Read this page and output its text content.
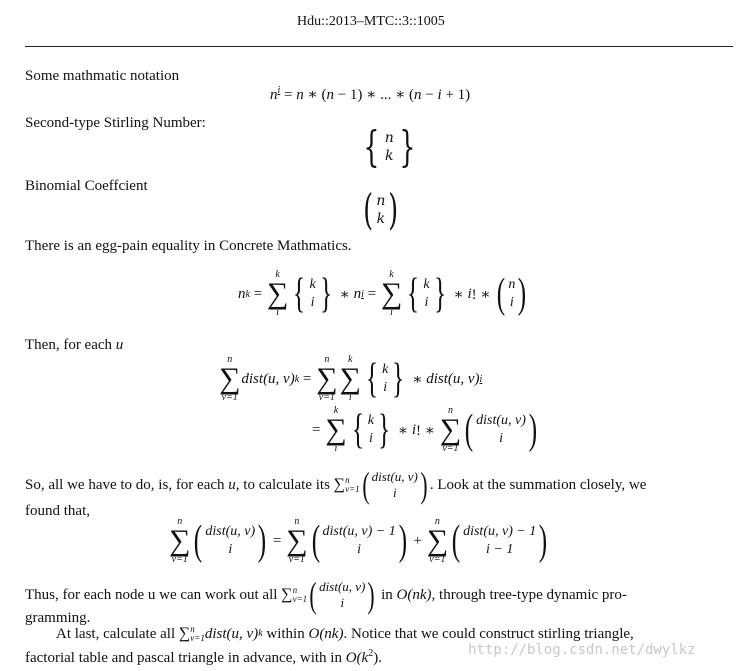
Hdu::2013–MTC::3::1005
Some mathmatic notation
$n^i = n$ ∗ (n − 1) ∗ ... ∗ (n − i + 1)
Second-type Stirling Number:	{ n
k }
Binomial Coeffcient	( n
k )
There is an egg-pain equality in Concrete Mathmatics.
n k =
k
∑
i { k
i } ∗ n i =
k
∑
i { k
i } ∗ i ! ∗ ( n
i )
Then, for each u
n
∑
v=1
dist(u, v) k =
n
∑
v=1
k
∑
i { k
i } ∗ dist(u, v) i
=
k
∑
i { k
i } ∗ i ! ∗
n
∑
v=1 ( dist(u, v)
i )
So, all we have to do, is, for each
u , to calculate its
∑ n
v=1 ( dist(u, v)
i ) . Look at the summation closely, we
found that,
n
∑
v=1 ( dist(u, v)
i ) =
n
∑
v=1 ( dist(u, v) − 1
i ) +
n
∑
v=1 ( dist(u, v) − 1
i − 1 )
Thus, for each node u we can work out all
∑ n
v=1 ( dist(u, v)
i )
in
O(nk) , through tree-type dynamic pro-
gramming.
At last, calculate all
∑ n
v=1 dist(u, v) k
within
O(nk) . Notice that we could construct stirling triangle,
factorial table and pascal triangle in advance, with in $O(k^2)$.	http://blog.csdn.net/dwylkz
